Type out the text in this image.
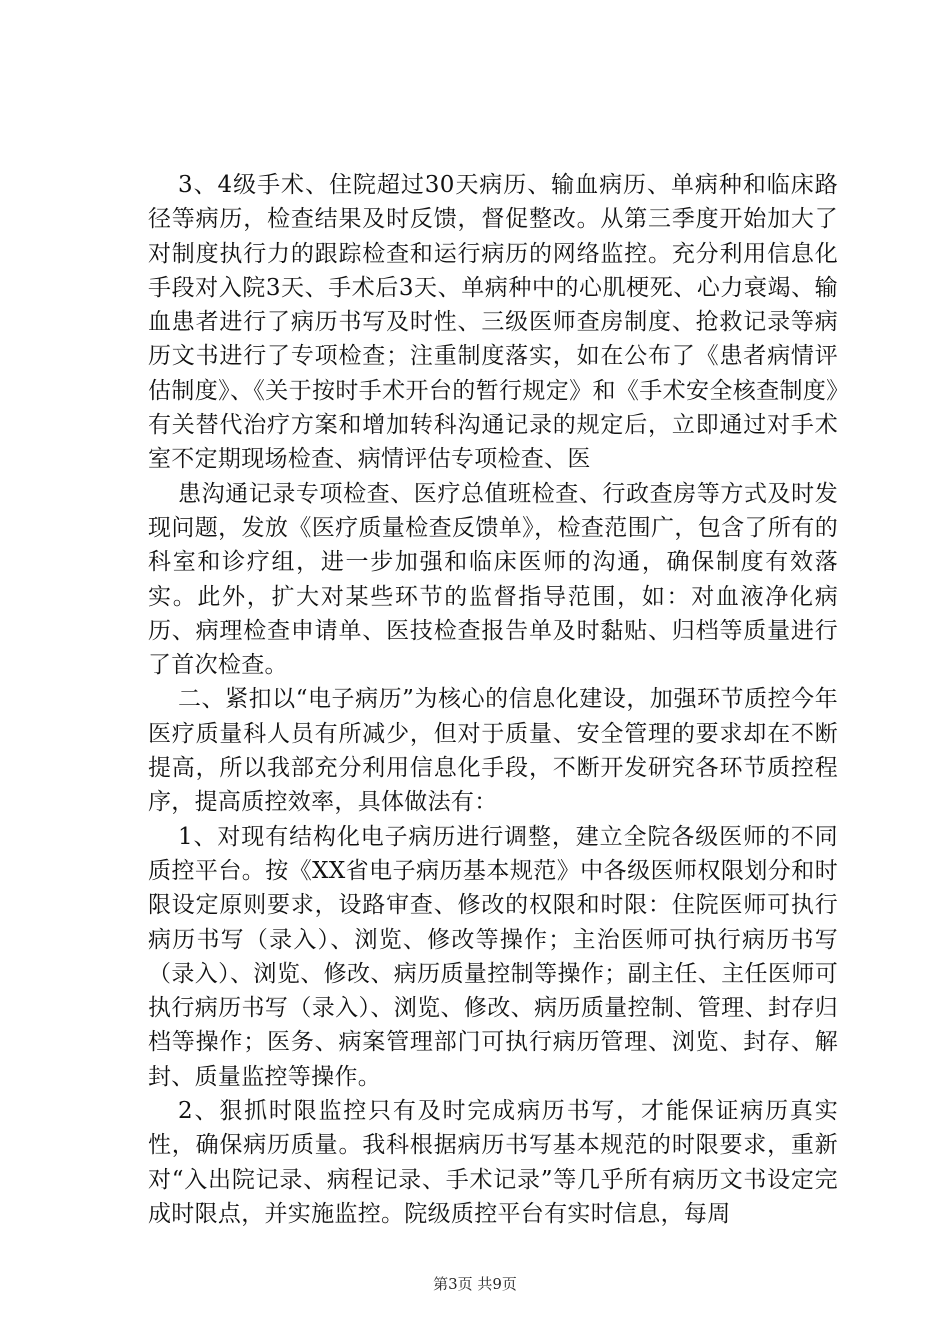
3、4级手术、住院超过30天病历、输血病历、单病种和临床路径等病历，检查结果及时反馈，督促整改。从第三季度开始加大了对制度执行力的跟踪检查和运行病历的网络监控。充分利用信息化手段对入院3天、手术后3天、单病种中的心肌梗死、心力衰竭、输血患者进行了病历书写及时性、三级医师查房制度、抢救记录等病历文书进行了专项检查；注重制度落实，如在公布了《患者病情评估制度》、《关于按时手术开台的暂行规定》和《手术安全核查制度》有关替代治疗方案和增加转科沟通记录的规定后，立即通过对手术室不定期现场检查、病情评估专项检查、医

患沟通记录专项检查、医疗总值班检查、行政查房等方式及时发现问题，发放《医疗质量检查反馈单》，检查范围广，包含了所有的科室和诊疗组，进一步加强和临床医师的沟通，确保制度有效落实。此外，扩大对某些环节的监督指导范围，如：对血液净化病历、病理检查申请单、医技检查报告单及时黏贴、归档等质量进行了首次检查。

二、紧扣以“电子病历”为核心的信息化建设，加强环节质控今年医疗质量科人员有所减少，但对于质量、安全管理的要求却在不断提高，所以我部充分利用信息化手段，不断开发研究各环节质控程序，提高质控效率，具体做法有：

1、对现有结构化电子病历进行调整，建立全院各级医师的不同质控平台。按《XX省电子病历基本规范》中各级医师权限划分和时限设定原则要求，设路审查、修改的权限和时限：住院医师可执行病历书写（录入）、浏览、修改等操作；主治医师可执行病历书写（录入）、浏览、修改、病历质量控制等操作；副主任、主任医师可执行病历书写（录入）、浏览、修改、病历质量控制、管理、封存归档等操作；医务、病案管理部门可执行病历管理、浏览、封存、解封、质量监控等操作。

2、狠抓时限监控只有及时完成病历书写，才能保证病历真实性，确保病历质量。我科根据病历书写基本规范的时限要求，重新对“入出院记录、病程记录、手术记录”等几乎所有病历文书设定完成时限点，并实施监控。院级质控平台有实时信息，每周

第3页 共9页
